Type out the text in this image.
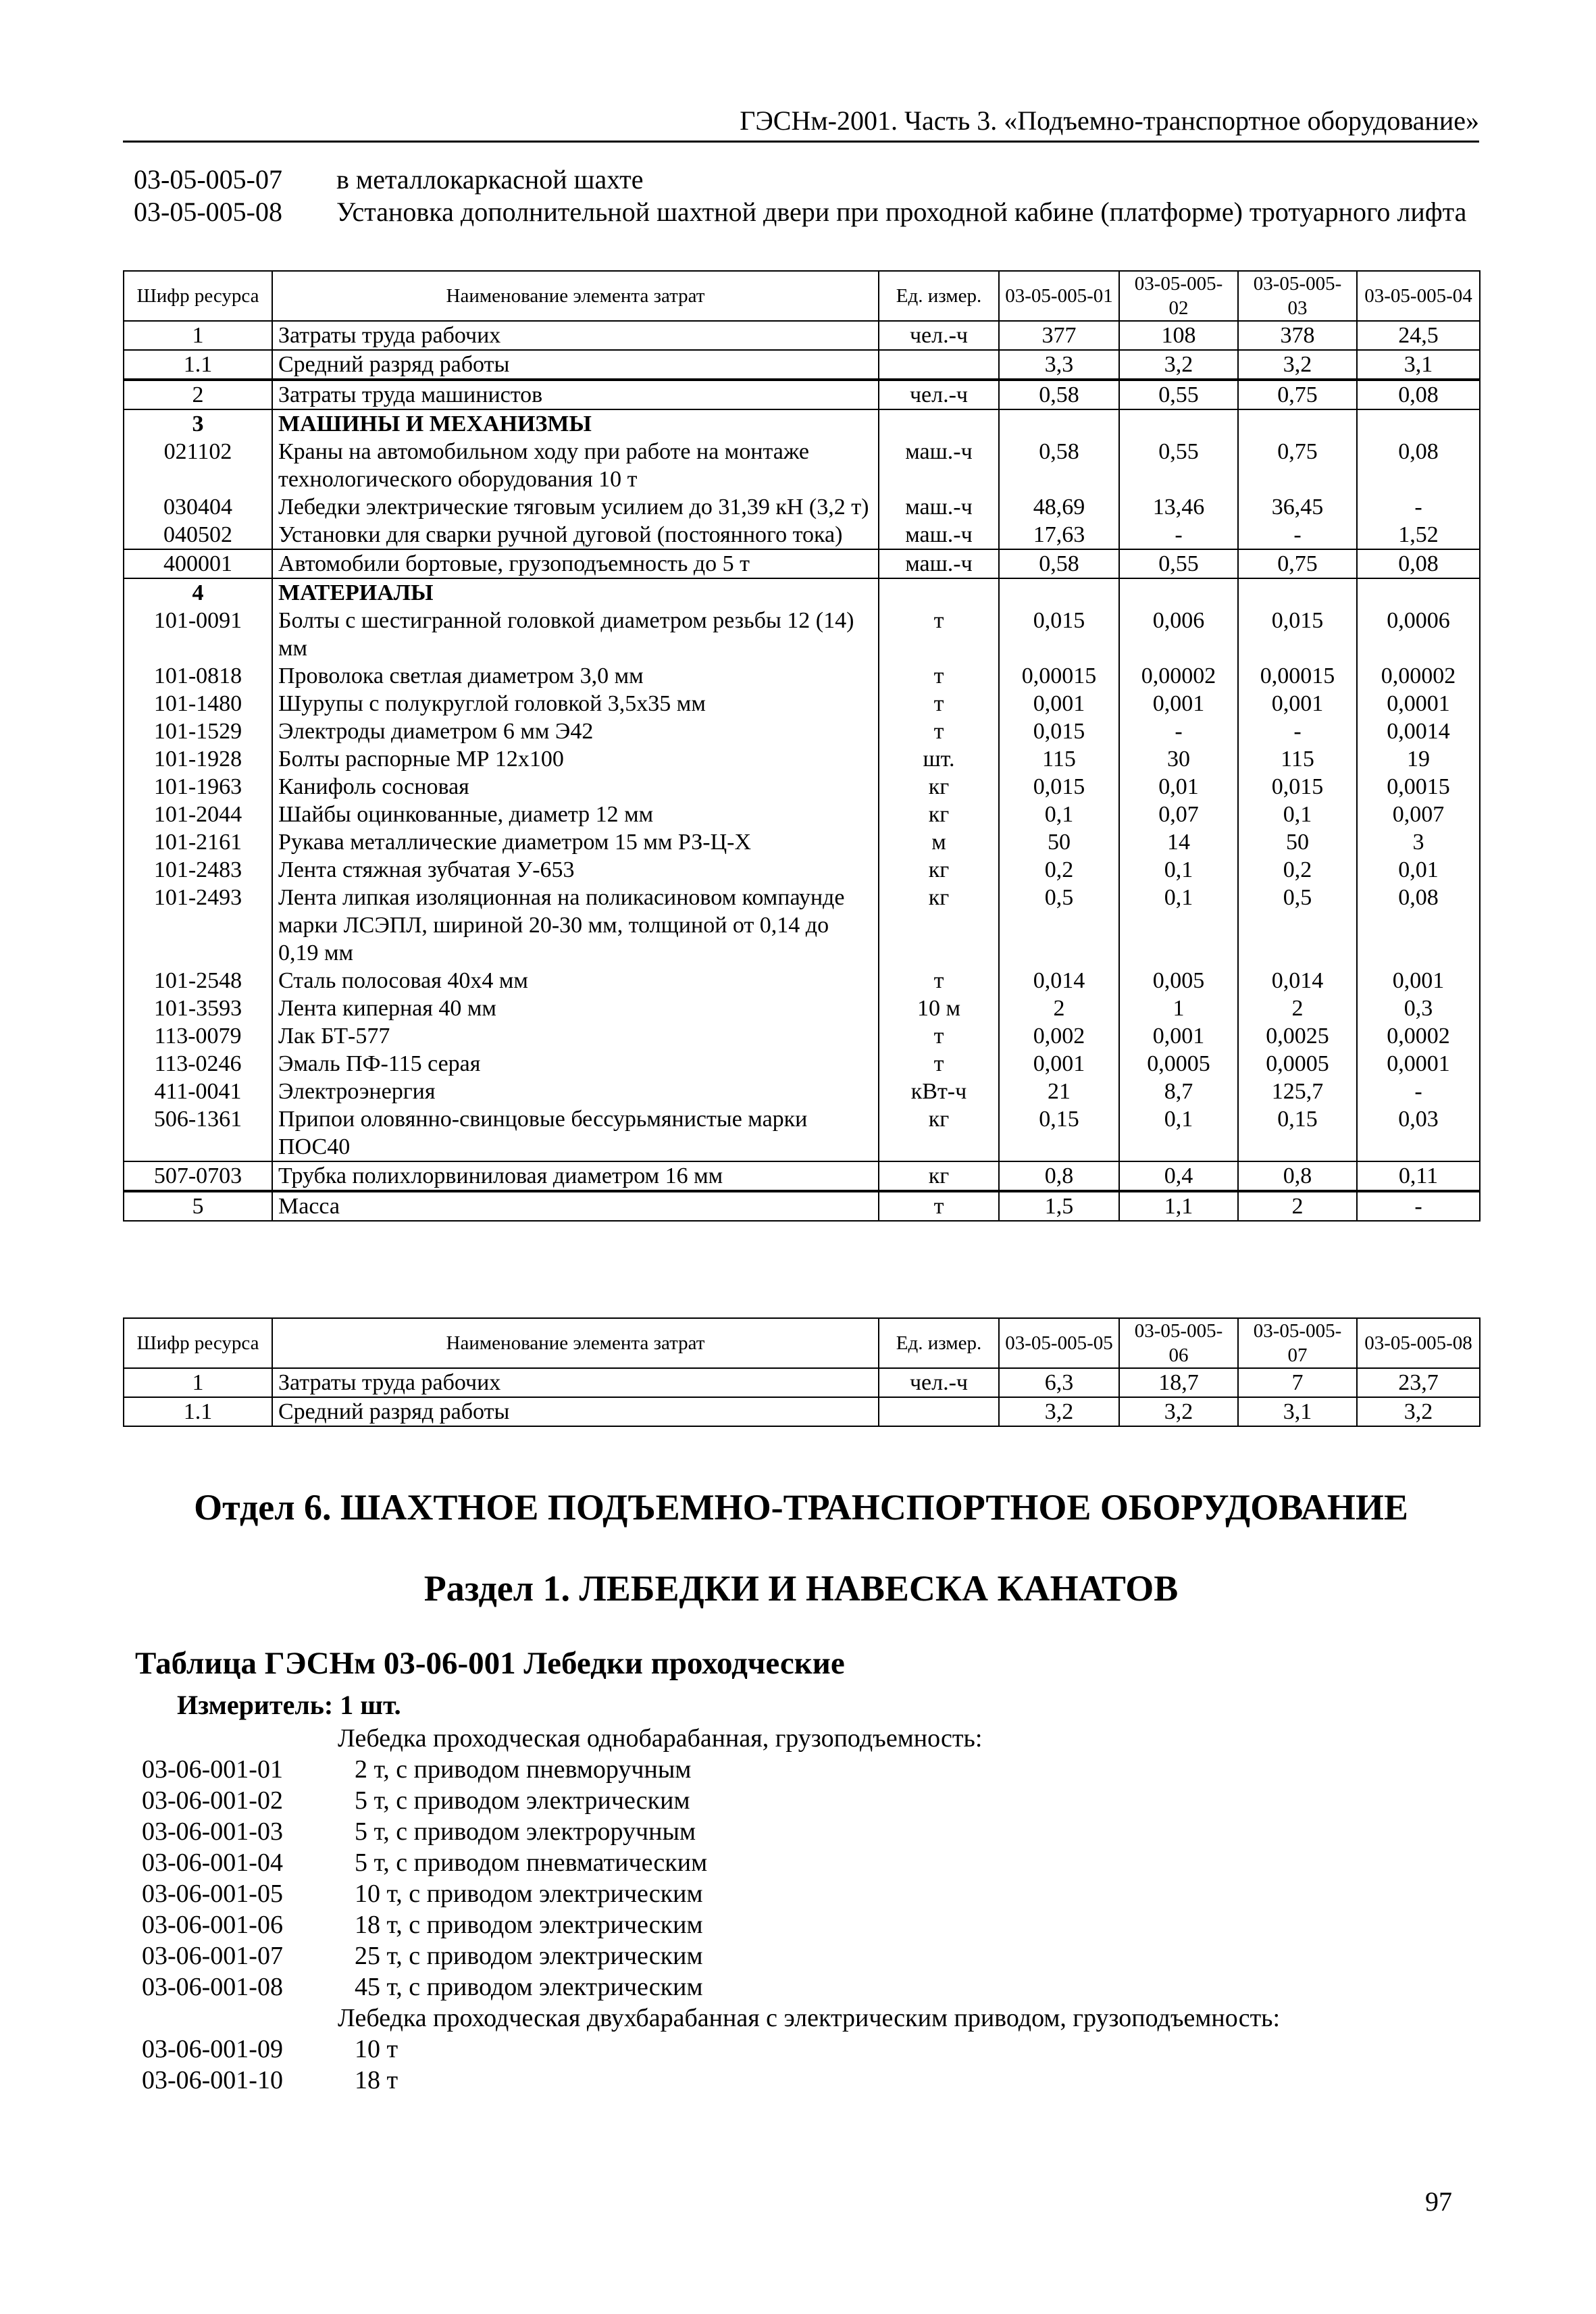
ГЭСНм-2001. Часть 3. «Подъемно-транспортное оборудование»
03-05-005-07	в металлокаркасной шахте
03-05-005-08	Установка дополнительной шахтной двери при проходной кабине (платформе) тротуарного лифта
Шифр ресурса	Наименование элемента затрат	Ед. измер.	03-05-005-01	03-05-005-02	03-05-005-03	03-05-005-04
1	Затраты труда рабочих	чел.-ч	377	108	378	24,5
1.1	Средний разряд работы		3,3	3,2	3,2	3,1
2	Затраты труда машинистов	чел.-ч	0,58	0,55	0,75	0,08
3	МАШИНЫ И МЕХАНИЗМЫ					
021102	Краны на автомобильном ходу при работе на монтаже технологического оборудования 10 т	маш.-ч	0,58	0,55	0,75	0,08
030404	Лебедки электрические тяговым усилием до 31,39 кН (3,2 т)	маш.-ч	48,69	13,46	36,45	-
040502	Установки для сварки ручной дуговой (постоянного тока)	маш.-ч	17,63	-	-	1,52
400001	Автомобили бортовые, грузоподъемность до 5 т	маш.-ч	0,58	0,55	0,75	0,08
4	МАТЕРИАЛЫ					
101-0091	Болты с шестигранной головкой диаметром резьбы 12 (14) мм	т	0,015	0,006	0,015	0,0006
101-0818	Проволока светлая диаметром 3,0 мм	т	0,00015	0,00002	0,00015	0,00002
101-1480	Шурупы с полукруглой головкой 3,5х35 мм	т	0,001	0,001	0,001	0,0001
101-1529	Электроды диаметром 6 мм Э42	т	0,015	-	-	0,0014
101-1928	Болты распорные МР 12х100	шт.	115	30	115	19
101-1963	Канифоль сосновая	кг	0,015	0,01	0,015	0,0015
101-2044	Шайбы оцинкованные, диаметр 12 мм	кг	0,1	0,07	0,1	0,007
101-2161	Рукава металлические диаметром 15 мм РЗ-Ц-Х	м	50	14	50	3
101-2483	Лента стяжная зубчатая У-653	кг	0,2	0,1	0,2	0,01
101-2493	Лента липкая изоляционная на поликасиновом компаунде марки ЛСЭПЛ, шириной 20-30 мм, толщиной от 0,14 до 0,19 мм	кг	0,5	0,1	0,5	0,08
101-2548	Сталь полосовая 40х4 мм	т	0,014	0,005	0,014	0,001
101-3593	Лента киперная 40 мм	10 м	2	1	2	0,3
113-0079	Лак БТ-577	т	0,002	0,001	0,0025	0,0002
113-0246	Эмаль ПФ-115 серая	т	0,001	0,0005	0,0005	0,0001
411-0041	Электроэнергия	кВт-ч	21	8,7	125,7	-
506-1361	Припои оловянно-свинцовые бессурьмянистые марки ПОС40	кг	0,15	0,1	0,15	0,03
507-0703	Трубка полихлорвиниловая диаметром 16 мм	кг	0,8	0,4	0,8	0,11
5	Масса	т	1,5	1,1	2	-
Шифр ресурса	Наименование элемента затрат	Ед. измер.	03-05-005-05	03-05-005-06	03-05-005-07	03-05-005-08
1	Затраты труда рабочих	чел.-ч	6,3	18,7	7	23,7
1.1	Средний разряд работы		3,2	3,2	3,1	3,2
Отдел 6. ШАХТНОЕ ПОДЪЕМНО-ТРАНСПОРТНОЕ ОБОРУДОВАНИЕ
Раздел 1. ЛЕБЕДКИ И НАВЕСКА КАНАТОВ
Таблица ГЭСНм 03-06-001 Лебедки проходческие
Измеритель: 1 шт.
Лебедка проходческая однобарабанная, грузоподъемность:
03-06-001-01	2 т, с приводом пневморучным
03-06-001-02	5 т, с приводом электрическим
03-06-001-03	5 т, с приводом электроручным
03-06-001-04	5 т, с приводом пневматическим
03-06-001-05	10 т, с приводом электрическим
03-06-001-06	18 т, с приводом электрическим
03-06-001-07	25 т, с приводом электрическим
03-06-001-08	45 т, с приводом электрическим
Лебедка проходческая двухбарабанная с электрическим приводом, грузоподъемность:
03-06-001-09	10 т
03-06-001-10	18 т
97
